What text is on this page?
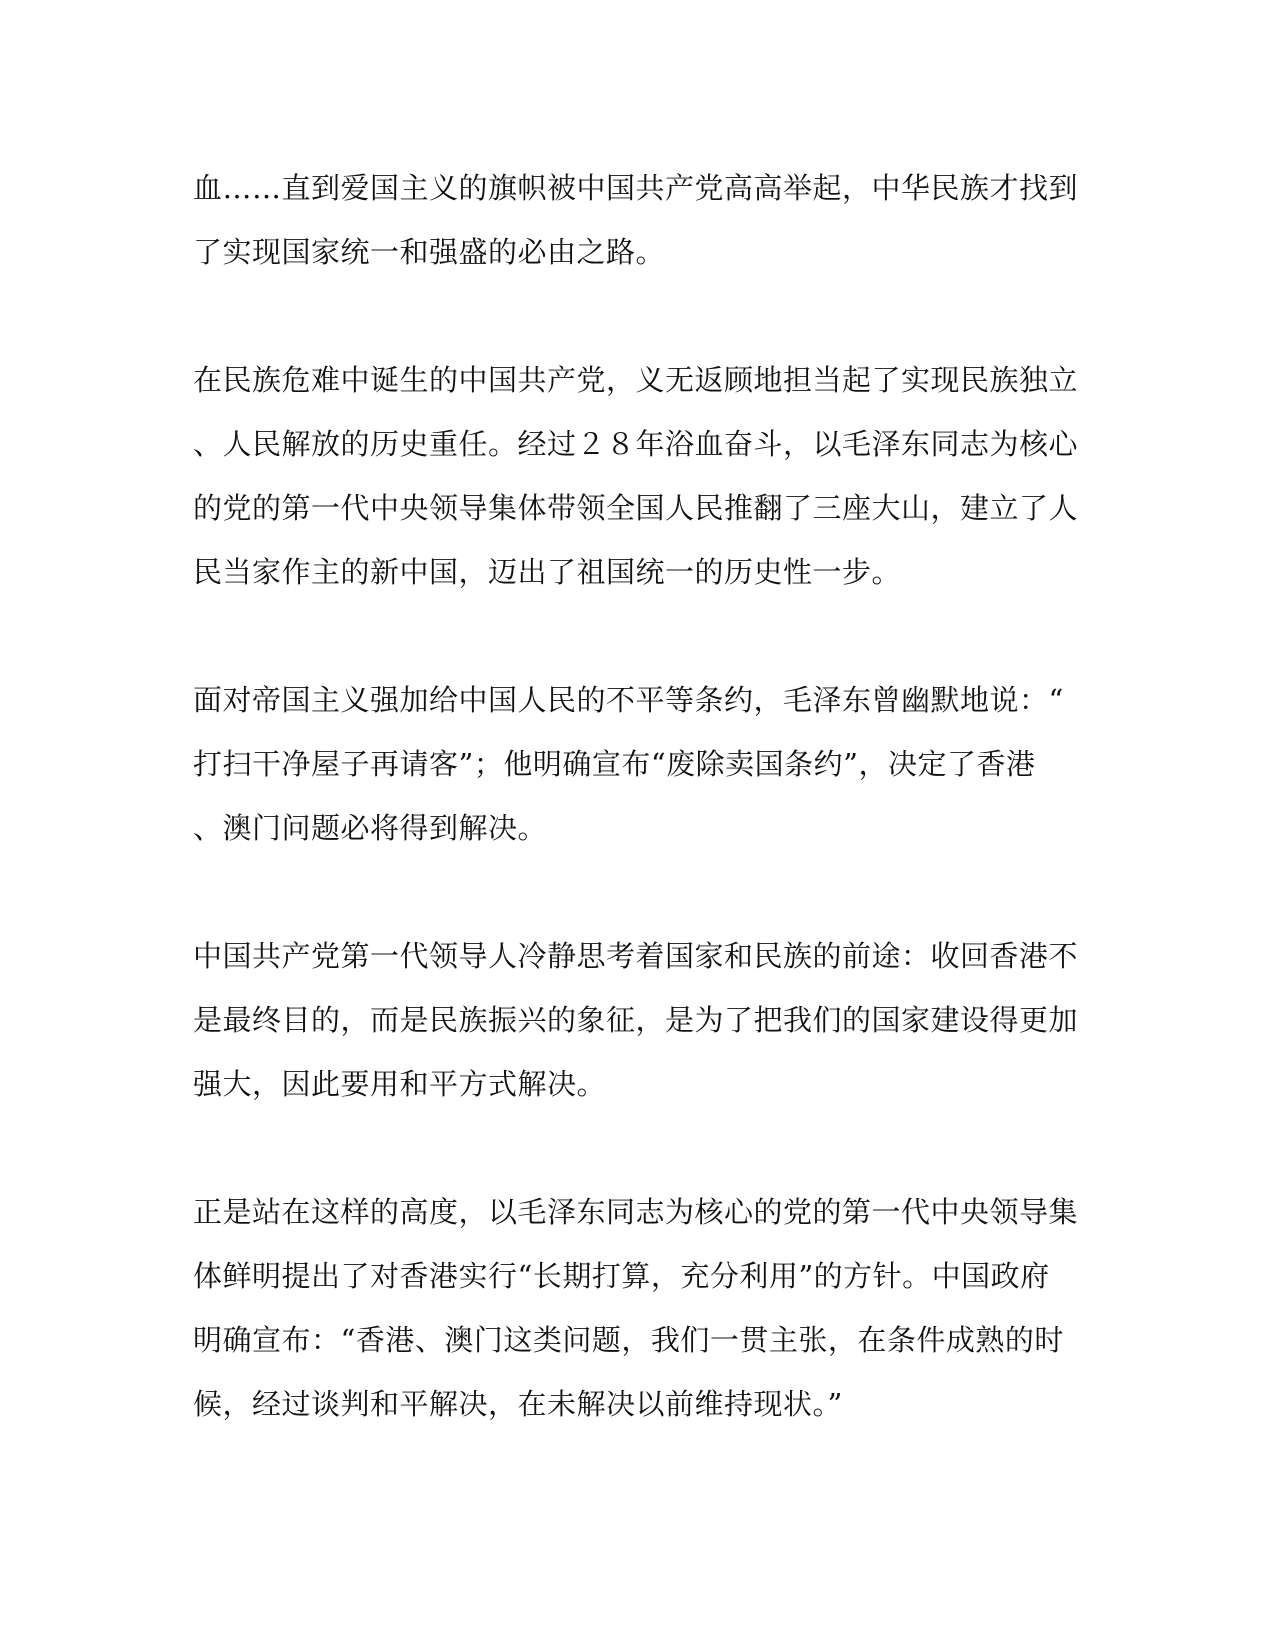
血……直到爱国主义的旗帜被中国共产党高高举起，中华民族才找到
了实现国家统一和强盛的必由之路。
在民族危难中诞生的中国共产党，义无返顾地担当起了实现民族独立
、人民解放的历史重任。经过２８年浴血奋斗，以毛泽东同志为核心
的党的第一代中央领导集体带领全国人民推翻了三座大山，建立了人
民当家作主的新中国，迈出了祖国统一的历史性一步。
面对帝国主义强加给中国人民的不平等条约，毛泽东曾幽默地说：“
打扫干净屋子再请客”；他明确宣布“废除卖国条约”，决定了香港
、澳门问题必将得到解决。
中国共产党第一代领导人冷静思考着国家和民族的前途：收回香港不
是最终目的，而是民族振兴的象征，是为了把我们的国家建设得更加
强大，因此要用和平方式解决。
正是站在这样的高度，以毛泽东同志为核心的党的第一代中央领导集
体鲜明提出了对香港实行“长期打算，充分利用”的方针。中国政府
明确宣布：“香港、澳门这类问题，我们一贯主张，在条件成熟的时
候，经过谈判和平解决，在未解决以前维持现状。”
